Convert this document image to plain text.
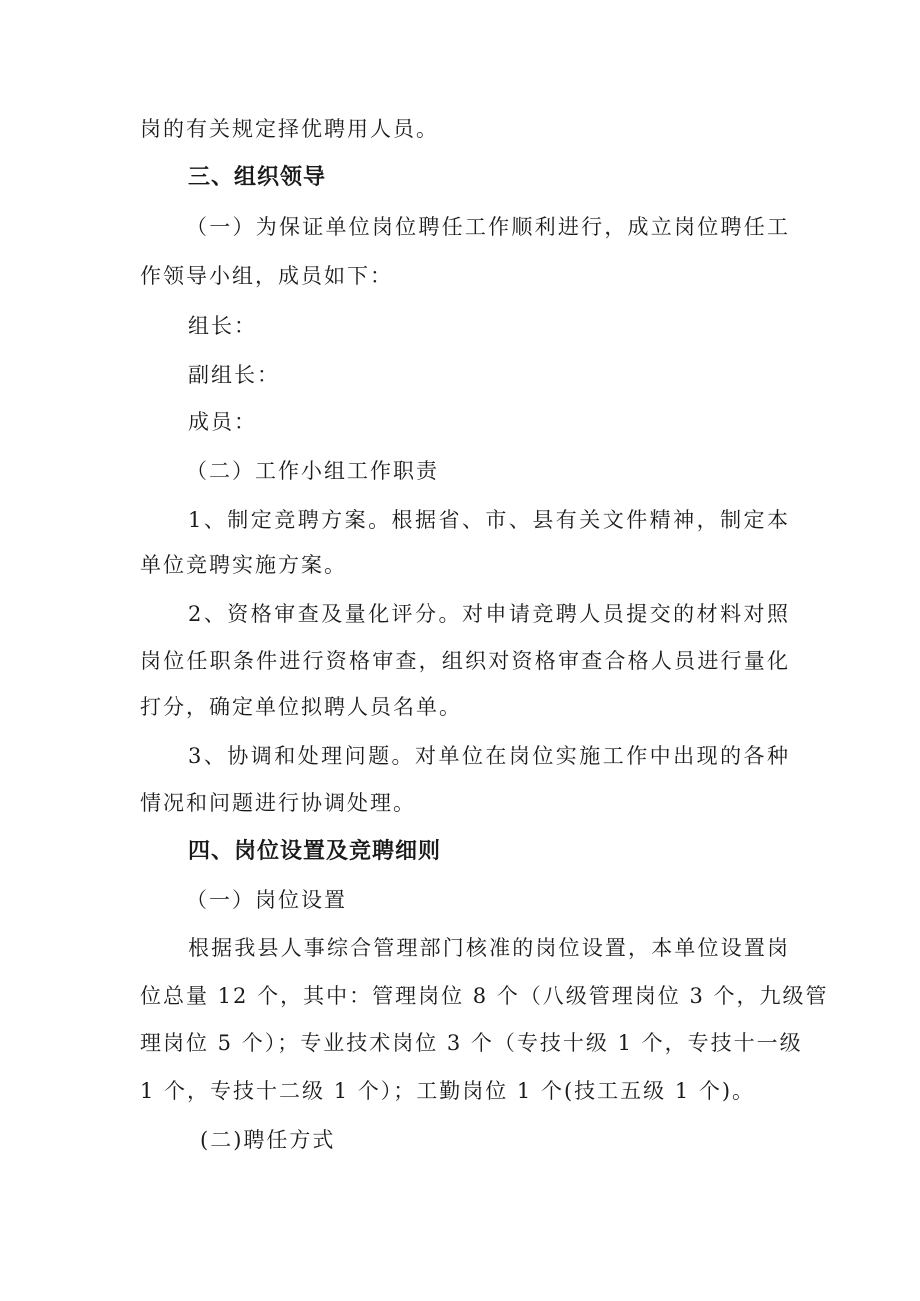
岗的有关规定择优聘用人员。
三、组织领导
（一）为保证单位岗位聘任工作顺利进行，成立岗位聘任工
作领导小组，成员如下：
组长：
副组长：
成员：
（二）工作小组工作职责
1、制定竞聘方案。根据省、市、县有关文件精神，制定本
单位竞聘实施方案。
2、资格审查及量化评分。对申请竞聘人员提交的材料对照
岗位任职条件进行资格审查，组织对资格审查合格人员进行量化
打分，确定单位拟聘人员名单。
3、协调和处理问题。对单位在岗位实施工作中出现的各种
情况和问题进行协调处理。
四、岗位设置及竞聘细则
（一）岗位设置
根据我县人事综合管理部门核准的岗位设置，本单位设置岗
位总量 12 个，其中：管理岗位 8 个（八级管理岗位 3 个，九级管
理岗位 5 个）；专业技术岗位 3 个（专技十级 1 个，专技十一级
1 个，专技十二级 1 个）；工勤岗位 1 个(技工五级 1 个)。
(二)聘任方式
